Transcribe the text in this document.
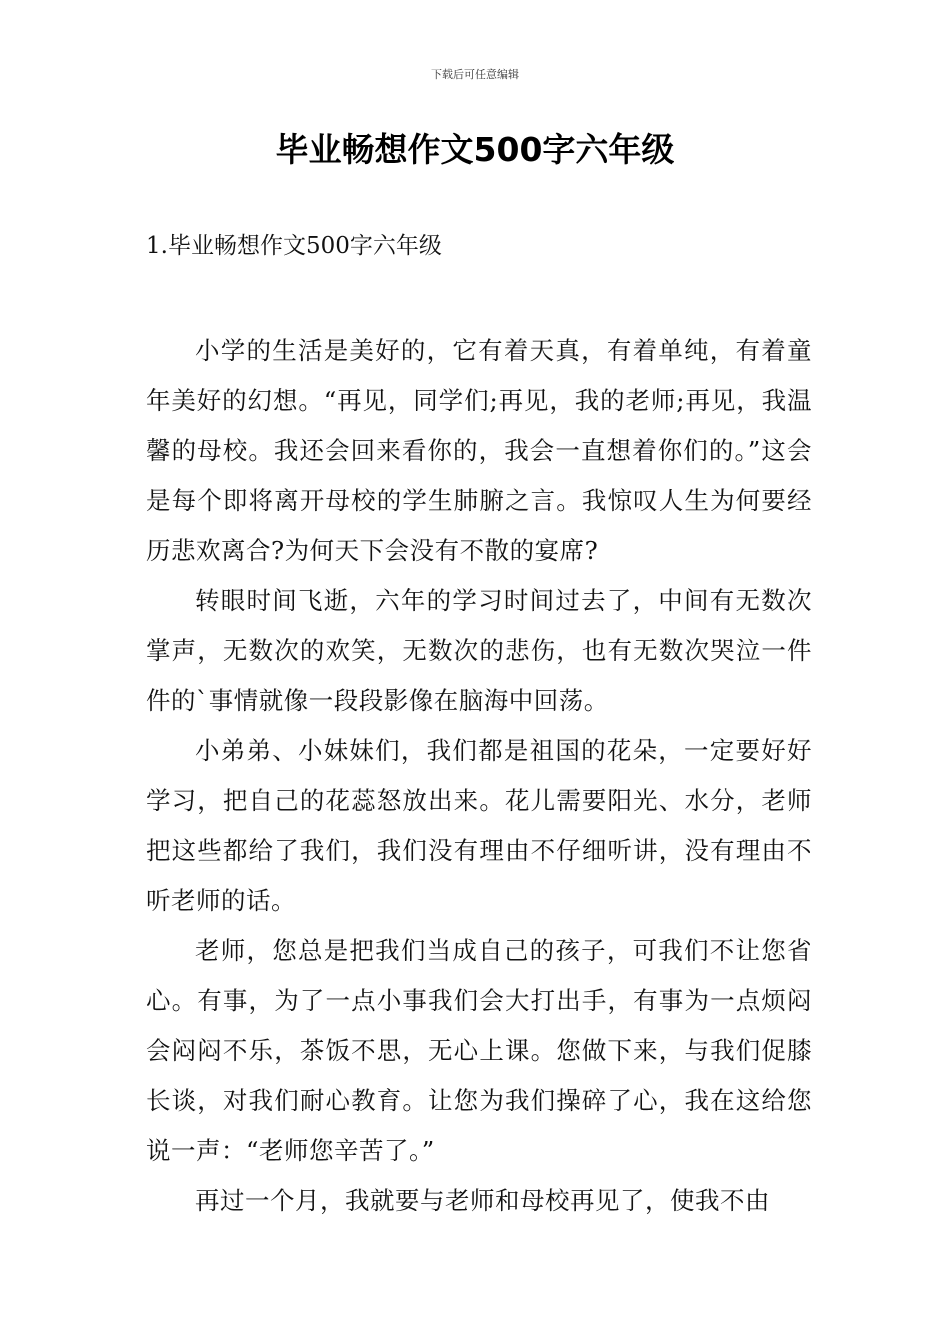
下载后可任意编辑
毕业畅想作文500字六年级
1.毕业畅想作文500字六年级

小学的生活是美好的，它有着天真，有着单纯，有着童年美好的幻想。“再见，同学们;再见，我的老师;再见，我温馨的母校。我还会回来看你的，我会一直想着你们的。”这会是每个即将离开母校的学生肺腑之言。我惊叹人生为何要经历悲欢离合?为何天下会没有不散的宴席?

转眼时间飞逝，六年的学习时间过去了，中间有无数次掌声，无数次的欢笑，无数次的悲伤，也有无数次哭泣一件件的`事情就像一段段影像在脑海中回荡。

小弟弟、小妹妹们，我们都是祖国的花朵，一定要好好学习，把自己的花蕊怒放出来。花儿需要阳光、水分，老师把这些都给了我们，我们没有理由不仔细听讲，没有理由不听老师的话。

老师，您总是把我们当成自己的孩子，可我们不让您省心。有事，为了一点小事我们会大打出手，有事为一点烦闷会闷闷不乐，茶饭不思，无心上课。您做下来，与我们促膝长谈，对我们耐心教育。让您为我们操碎了心，我在这给您说一声：“老师您辛苦了。”

再过一个月，我就要与老师和母校再见了，使我不由
